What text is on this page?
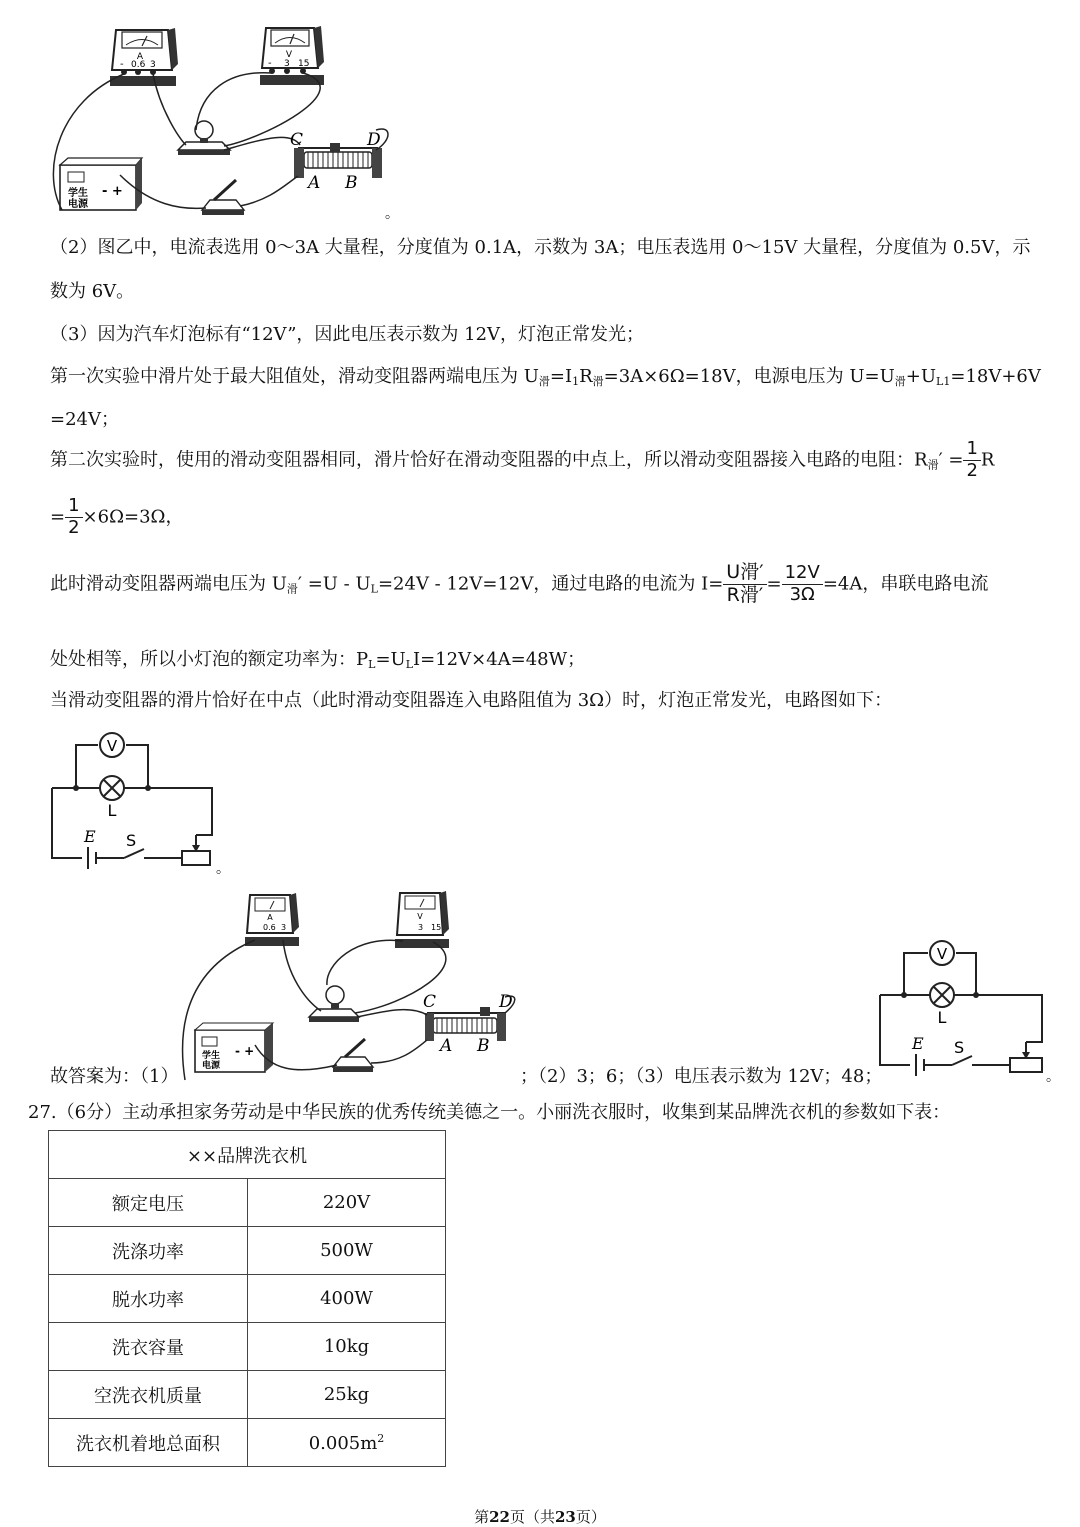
A
- 0.6 3
V
- 3 15
学生
电源
- +
C	D
A B
。
（2）图乙中，电流表选用 0～3A 大量程，分度值为 0.1A，示数为 3A；电压表选用 0～15V 大量程，分度值为 0.5V，示
数为 6V。
（3）因为汽车灯泡标有“12V”，因此电压表示数为 12V，灯泡正常发光；
第一次实验中滑片处于最大阻值处，滑动变阻器两端电压为 $U_滑=I_1R_滑=3A\times 6\Omega=18V$，电源电压为 $U=U_滑+U_{L1}=18V+6V$
=24V；
第二次实验时，使用的滑动变阻器相同，滑片恰好在滑动变阻器的中点上，所以滑动变阻器接入电路的电阻：$R_滑' = \frac{1}{2}$ R
= $\frac{1}{2} \times 6\Omega=3\Omega$，
此时滑动变阻器两端电压为 $U_滑' =U - U_L=24V - 12V=12V$，通过电路的电流为 $I= \frac{\text{U滑′}}{\text{R滑′}} = \frac{12V}{3\Omega} =4A$，串联电路电流
处处相等，所以小灯泡的额定功率为：$P_L=U_LI=12V\times 4A=48W$；
当滑动变阻器的滑片恰好在中点（此时滑动变阻器连入电路阻值为 3Ω）时，灯泡正常发光，电路图如下：
V
L
E S
。
A
0.6 3
V
3 15
学生
电源
- +
C	D
A B
故答案为：（1）	；（2）3；6；（3）电压表示数为 12V；48；
V
L
E S
。
27.（6分）主动承担家务劳动是中华民族的优秀传统美德之一。小丽洗衣服时，收集到某品牌洗衣机的参数如下表：
××品牌洗衣机	
额定电压	220V
洗涤功率	500W
脱水功率	400W
洗衣容量	10kg
空洗衣机质量	25kg
洗衣机着地总面积	$0.005m^2$
第22页（共23页）
